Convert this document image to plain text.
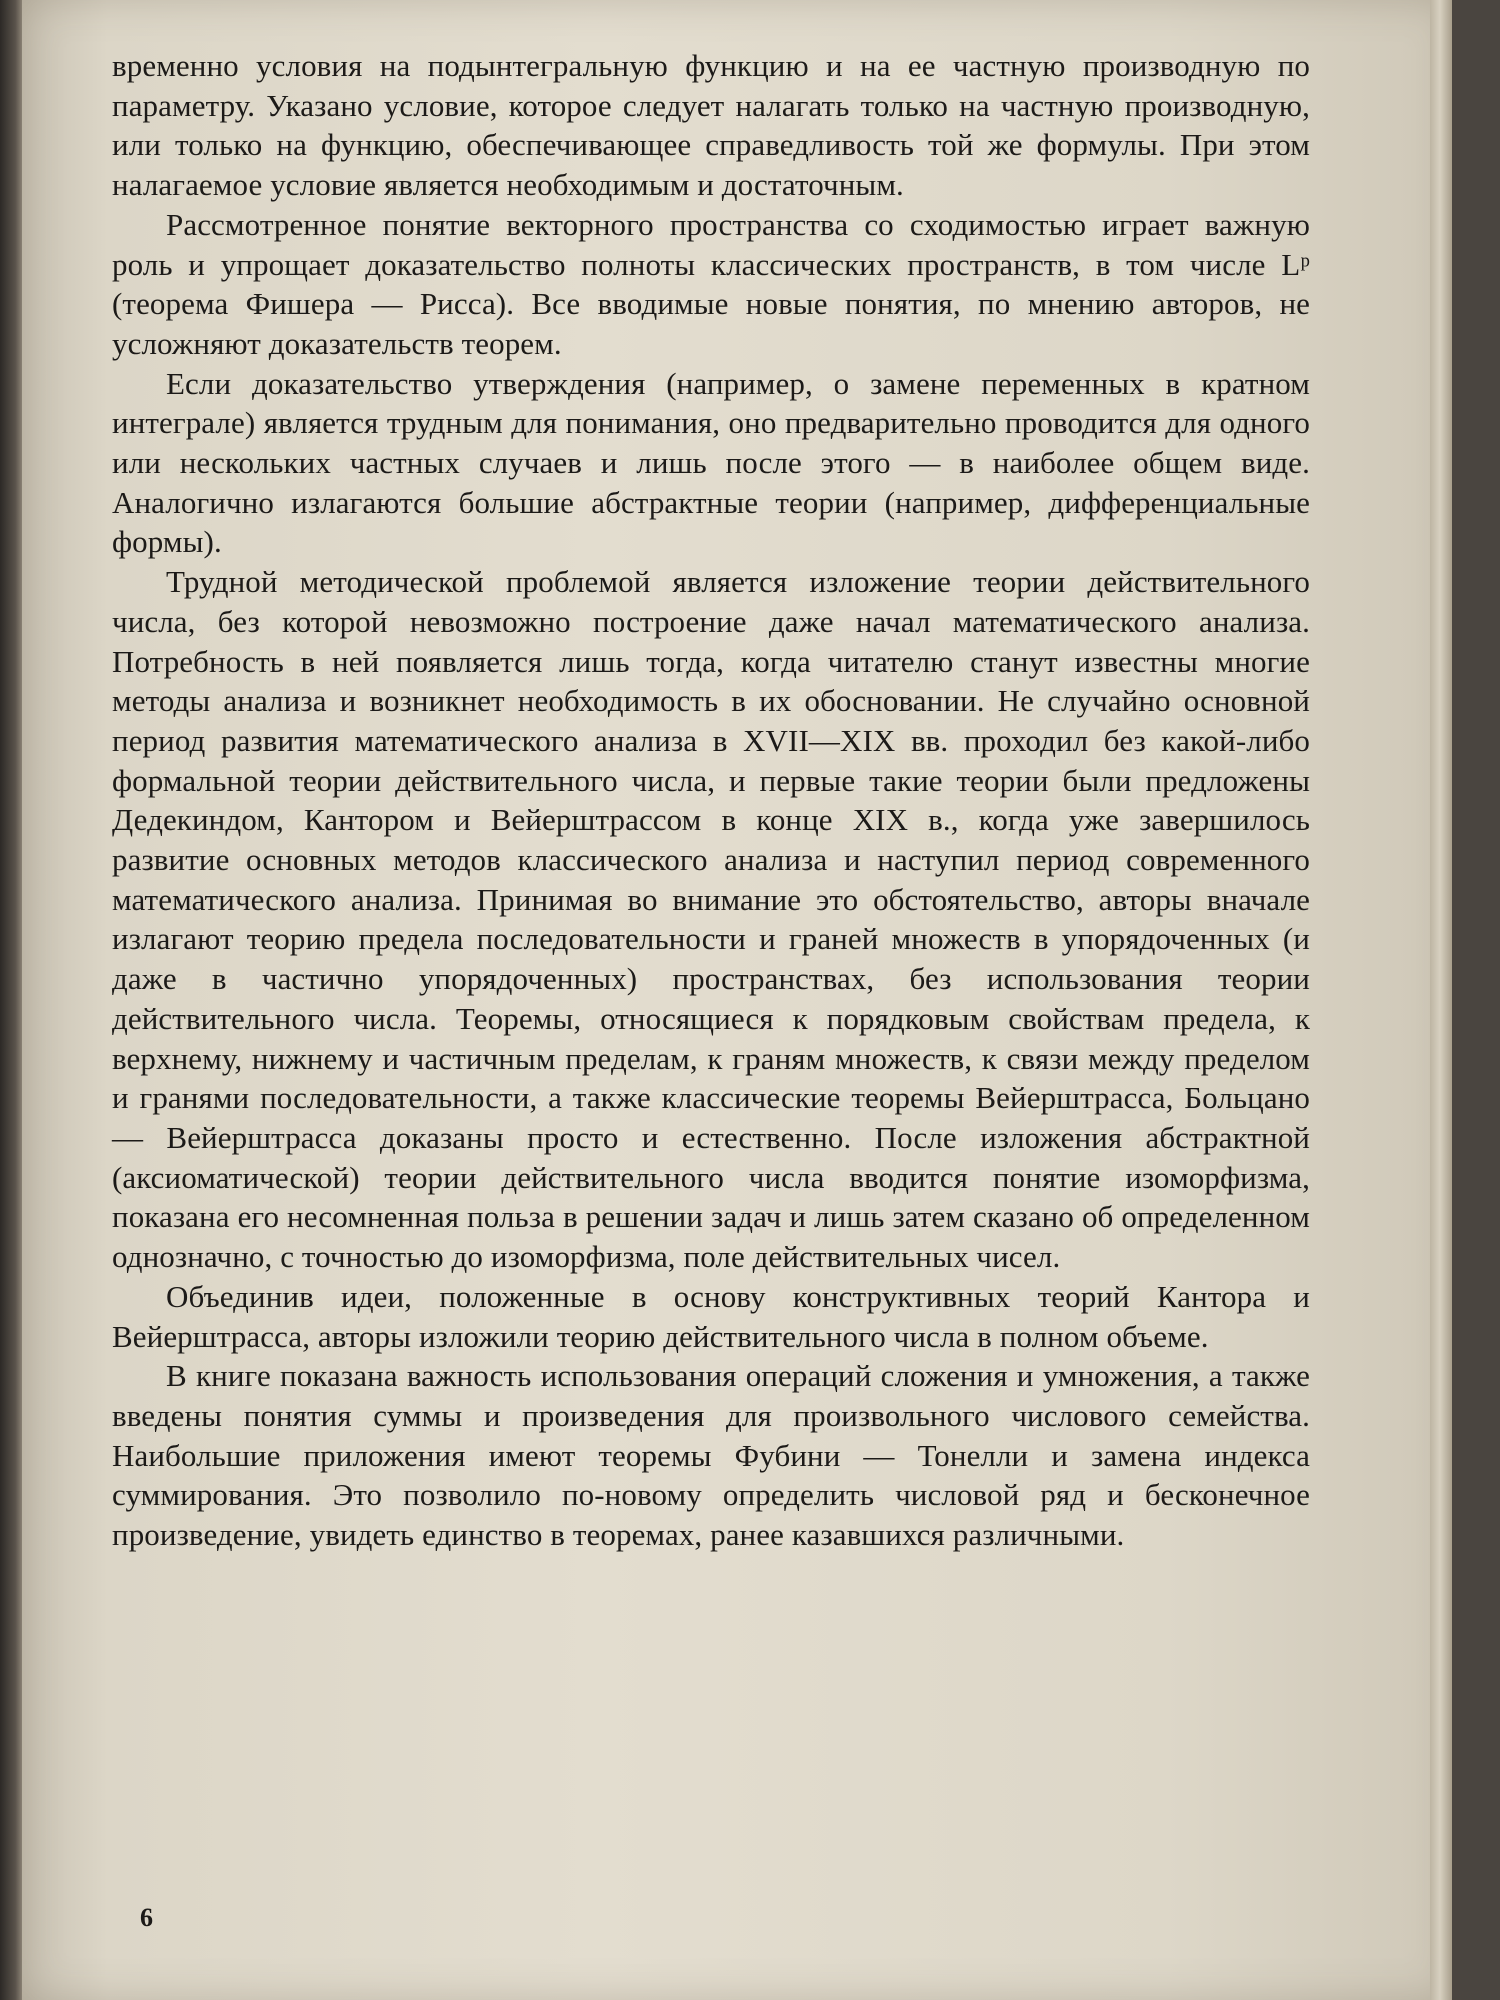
временно условия на подынтегральную функцию и на ее частную производную по параметру. Указано условие, которое следует налагать только на частную производную, или только на функцию, обеспечивающее справедливость той же формулы. При этом налагаемое условие является необходимым и достаточным.

Рассмотренное понятие векторного пространства со сходимостью играет важную роль и упрощает доказательство полноты классических пространств, в том числе Lᵖ (теорема Фишера — Рисса). Все вводимые новые понятия, по мнению авторов, не усложняют доказательств теорем.

Если доказательство утверждения (например, о замене переменных в кратном интеграле) является трудным для понимания, оно предварительно проводится для одного или нескольких частных случаев и лишь после этого — в наиболее общем виде. Аналогично излагаются большие абстрактные теории (например, дифференциальные формы).

Трудной методической проблемой является изложение теории действительного числа, без которой невозможно построение даже начал математического анализа. Потребность в ней появляется лишь тогда, когда читателю станут известны многие методы анализа и возникнет необходимость в их обосновании. Не случайно основной период развития математического анализа в XVII—XIX вв. проходил без какой-либо формальной теории действительного числа, и первые такие теории были предложены Дедекиндом, Кантором и Вейерштрассом в конце XIX в., когда уже завершилось развитие основных методов классического анализа и наступил период современного математического анализа. Принимая во внимание это обстоятельство, авторы вначале излагают теорию предела последовательности и граней множеств в упорядоченных (и даже в частично упорядоченных) пространствах, без использования теории действительного числа. Теоремы, относящиеся к порядковым свойствам предела, к верхнему, нижнему и частичным пределам, к граням множеств, к связи между пределом и гранями последовательности, а также классические теоремы Вейерштрасса, Больцано — Вейерштрасса доказаны просто и естественно. После изложения абстрактной (аксиоматической) теории действительного числа вводится понятие изоморфизма, показана его несомненная польза в решении задач и лишь затем сказано об определенном однозначно, с точностью до изоморфизма, поле действительных чисел.

Объединив идеи, положенные в основу конструктивных теорий Кантора и Вейерштрасса, авторы изложили теорию действительного числа в полном объеме.

В книге показана важность использования операций сложения и умножения, а также введены понятия суммы и произведения для произвольного числового семейства. Наибольшие приложения имеют теоремы Фубини — Тонелли и замена индекса суммирования. Это позволило по-новому определить числовой ряд и бесконечное произведение, увидеть единство в теоремах, ранее казавшихся различными.

6
